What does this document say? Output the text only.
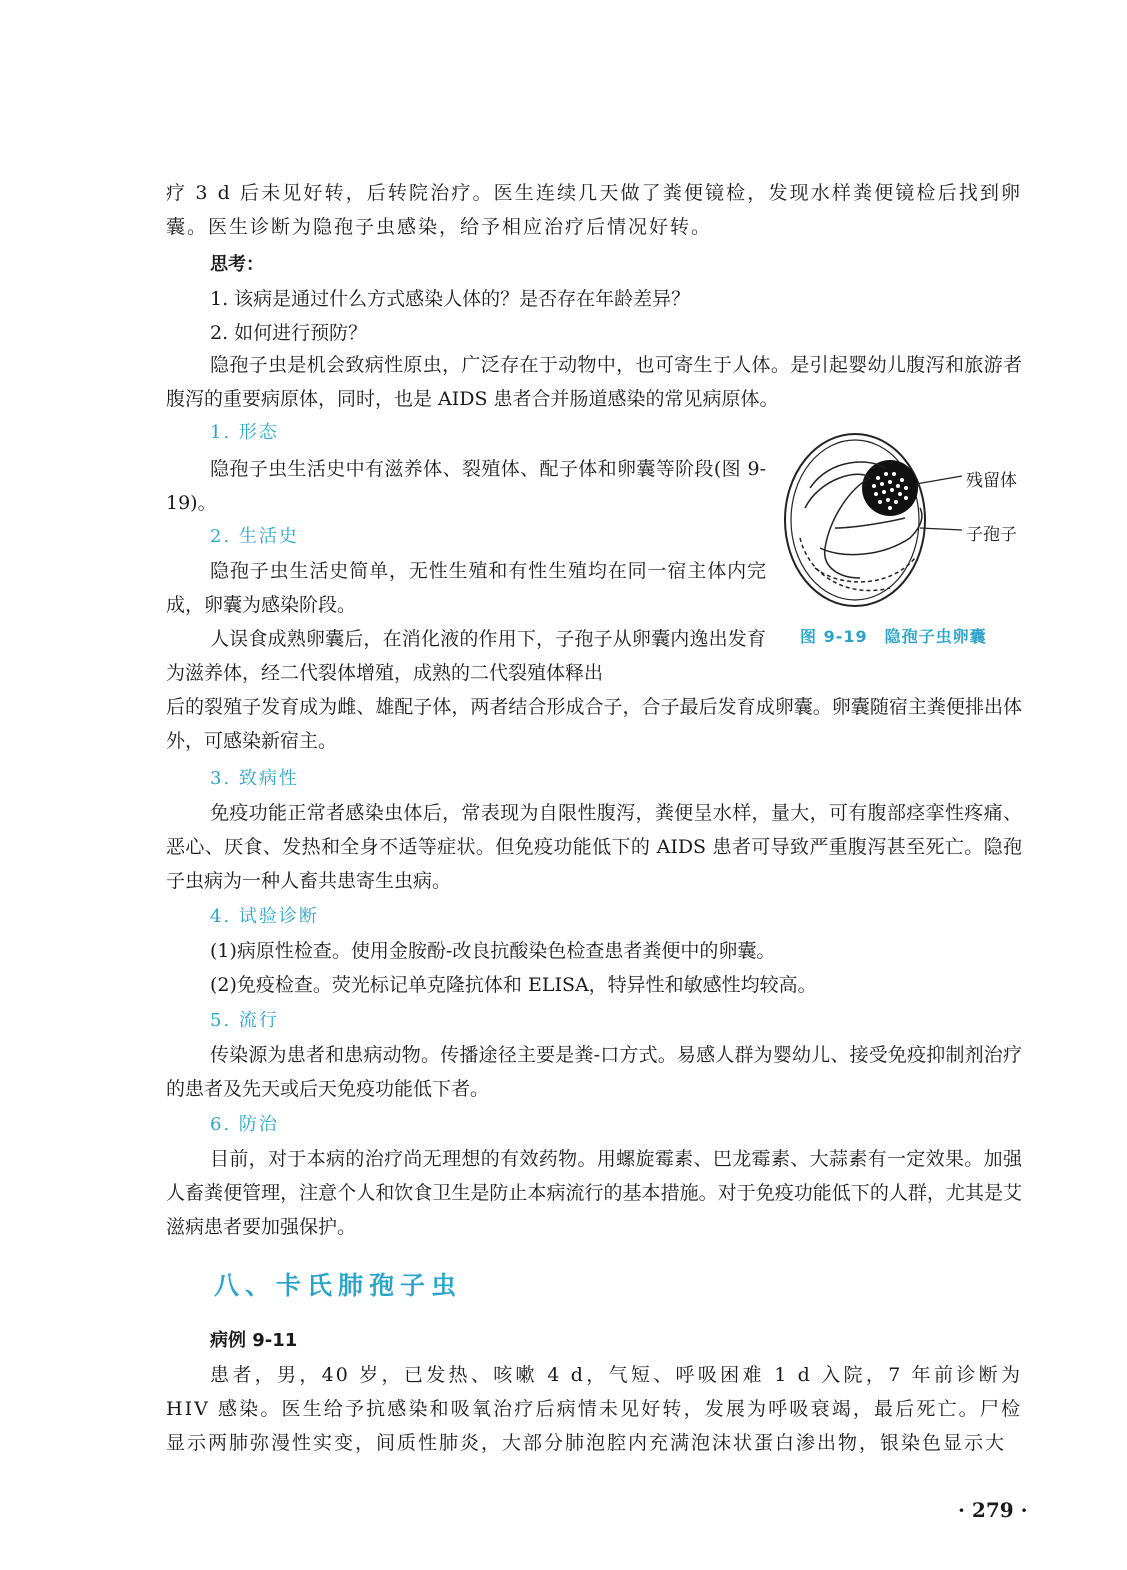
疗 3 d 后未见好转，后转院治疗。医生连续几天做了粪便镜检，发现水样粪便镜检后找到卵囊。医生诊断为隐孢子虫感染，给予相应治疗后情况好转。

思考：

1. 该病是通过什么方式感染人体的？是否存在年龄差异？

2. 如何进行预防？

隐孢子虫是机会致病性原虫，广泛存在于动物中，也可寄生于人体。是引起婴幼儿腹泻和旅游者腹泻的重要病原体，同时，也是 AIDS 患者合并肠道感染的常见病原体。

1. 形态

隐孢子虫生活史中有滋养体、裂殖体、配子体和卵囊等阶段(图 9-19)。

2. 生活史

隐孢子虫生活史简单，无性生殖和有性生殖均在同一宿主体内完成，卵囊为感染阶段。

人误食成熟卵囊后，在消化液的作用下，子孢子从卵囊内逸出发育为滋养体，经二代裂体增殖，成熟的二代裂殖体释出

后的裂殖子发育成为雌、雄配子体，两者结合形成合子，合子最后发育成卵囊。卵囊随宿主粪便排出体外，可感染新宿主。

残留体
子孢子
图 9-19　隐孢子虫卵囊

3. 致病性

免疫功能正常者感染虫体后，常表现为自限性腹泻，粪便呈水样，量大，可有腹部痉挛性疼痛、恶心、厌食、发热和全身不适等症状。但免疫功能低下的 AIDS 患者可导致严重腹泻甚至死亡。隐孢子虫病为一种人畜共患寄生虫病。

4. 试验诊断

(1)病原性检查。使用金胺酚-改良抗酸染色检查患者粪便中的卵囊。

(2)免疫检查。荧光标记单克隆抗体和 ELISA，特异性和敏感性均较高。

5. 流行

传染源为患者和患病动物。传播途径主要是粪-口方式。易感人群为婴幼儿、接受免疫抑制剂治疗的患者及先天或后天免疫功能低下者。

6. 防治

目前，对于本病的治疗尚无理想的有效药物。用螺旋霉素、巴龙霉素、大蒜素有一定效果。加强人畜粪便管理，注意个人和饮食卫生是防止本病流行的基本措施。对于免疫功能低下的人群，尤其是艾滋病患者要加强保护。

八、卡氏肺孢子虫

病例 9-11

患者，男，40 岁，已发热、咳嗽 4 d，气短、呼吸困难 1 d 入院，7 年前诊断为 HIV 感染。医生给予抗感染和吸氧治疗后病情未见好转，发展为呼吸衰竭，最后死亡。尸检显示两肺弥漫性实变，间质性肺炎，大部分肺泡腔内充满泡沫状蛋白渗出物，银染色显示大

· 279 ·
